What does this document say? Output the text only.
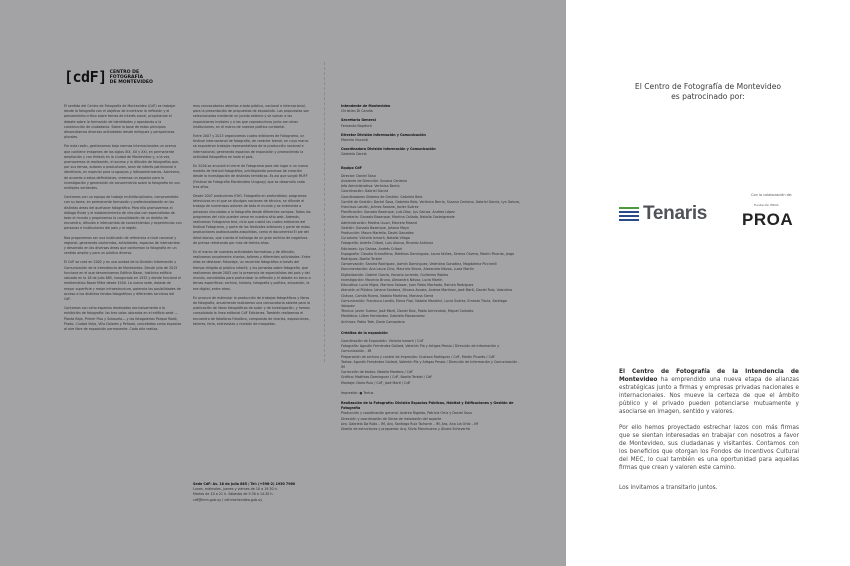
[cdF] CENTRO DE
FOTOGRAFÍA
DE MONTEVIDEO

El sentido del Centro de Fotografía de Montevideo (CdF) es trabajar desde la fotografía con el objetivo de incentivar la reflexión y el pensamiento crítico sobre temas de interés social, propiciando el debate sobre la formación de identidades y apostando a la construcción de ciudadanía. Sobre la base de estos principios desarrollamos diversas actividades desde enfoques y perspectivas plurales.

Por esta razón, gestionamos bajo normas internacionales un acervo que contiene imágenes de los siglos XIX, XX y XXI, en permanente ampliación y con énfasis en la ciudad de Montevideo y, a la vez, promovemos la realización, el acceso y la difusión de fotografías que, por sus temas, autores o productores, sean de interés patrimonial e identitario, en especial para uruguayos y latinoamericanos. Asimismo, de acuerdo a estas definiciones, creamos un espacio para la investigación y generación de conocimiento sobre la fotografía en sus múltiples vertientes.

Contamos con un equipo de trabajo multidisciplinario, comprometido con su tarea, en permanente formación y profesionalización en las distintas áreas del quehacer fotográfico. Para ello promovemos el diálogo fluido y el establecimiento de vínculos con especialistas de todo el mundo y propiciamos la consolidación de un ámbito de encuentro, difusión e intercambio de conocimientos y experiencias con personas e instituciones del país y la región.

Nos proponemos ser una institución de referencia a nivel nacional y regional, generando contenidos, actividades, espacios de intercambio y desarrollo en las diversas áreas que conforman la fotografía en un sentido amplio y para un público diverso.

El CdF se creó en 2002 y es una unidad de la División Información y Comunicación de la Intendencia de Montevideo. Desde julio de 2015 funciona en el que denominamos Edificio Bazar, histórico edificio ubicado en la 18 de Julio 885, inaugurado en 1932 y donde funcionó el emblemático Bazar Mitre desde 1940. La nueva sede, dotada de mayor superficie y mejor infraestructura, potencia las posibilidades de acceso a los distintos fondos fotográficos y diferentes servicios del CdF.

Contamos con ocho espacios destinados exclusivamente a la exhibición de fotografía: las tres salas ubicadas en el edificio sede —Planta Baja, Primer Piso y Subsuelo— y las fotogalerías Parque Rodó, Prado, Ciudad Vieja, Villa Dolores y Peñarol, concebidas como espacios al aire libre de exposición permanente. Cada año realiza-

mos convocatorias abiertas a todo público, nacional e internacional, para la presentación de propuestas de exposición. Las propuestas son seleccionadas mediante un jurado externo y se suman a las exposiciones insitales y a las que coproducimos junto con otras instituciones, en el marco de nuestra política curatorial.

Entre 2007 y 2013 organizamos cuatro ediciones de Fotograma, un festival internacional de fotografía, de carácter bienal, en cuyo marco se expusieron trabajos representativos de la producción nacional e internacional, generando espacios de exposición y promoviendo la actividad fotográfica en todo el país.

En 2016 se anunció el cierre de Fotograma para dar lugar a un nuevo modelo de festival fotográfico, privilegiando procesos de creación desde la investigación de distintas temáticas. Es así que surgió MUFF (Festival de Fotografía Montevideo Uruguay) que se desarrolla cada tres años.

Desde 2007 producimos fOtO. Fotografía en profundidad, programas televisivos en el que se divulgan nociones de técnica, se difunde el trabajo de numerosos autores de todo el mundo y se entrevista a personas vinculadas a la fotografía desde diferentes campos. Todos los programas del ciclo pueden verse en nuestro sitio web. Además, realizamos Fotograma test, ciclo que cubrió las cuatro ediciones del festival Fotograma, y parte de los festivales ediciones y parte de estos producciones audiovisuales adquiridas, como el documental El pie del árbol blanco, que cuenta el hallazgo de un gran archivo de negativos de prensa retratando por más de treinta años.

En el marco de nuestras actividades formativas y de difusión, realizamos anualmente charlas, talleres y diferentes actividades. Entre ellas se destacan Fotoviaje, un recorrido fotográfico a través del tiempo dirigido al público infantil, y los jornadas sobre fotografía, que realizamos desde 2005 con la presencia de especialistas del país y del mundo, concebidas para profundizar la reflexión y el debate en torno a temas específicos: archivo, historia, fotografía y política, educación, la era digital, entre otros.

En procura de estimular la producción de trabajos fotográficos y libros de fotografía, anualmente realizamos una convocatoria abierta para la publicación de libros fotográficos de autor y de investigación, y hemos consolidado la línea editorial CdF Ediciones. También realizamos el encuentro de fotolibros Fotolibro, compuesto de charlas, exposiciones, talleres, feria, entrevistas y revisión de maquetas.

Sede CdF: Av. 18 de Julio 885 / Tel: (+598-2) 1950 7960
Lunes, miércoles, jueves y viernes de 10 a 19.30 h.
Martes de 10 a 21 h. Sábados de 9.30 a 14.30 h.
cdf@imm.gub.uy / cdf.montevideo.gub.uy
Intendente de Montevideo
Christian Di Candia
Secretaria General
Fernando Nopitsch
Director División Información y Comunicación
Marcelo Visconti
Coordinadora División Información y Comunicación
Gabriela García
Equipo CdF
Director: Daniel Sosa
Asistente de Dirección: Susana Centeno
Jefa Administrativa: Verónica Berrío
Coordinación: Gabriel García
Coordinadores Sistema de Gestión: Gabriela Belo
Comité de Gestión: Daniel Sosa, Gabriela Belo, Verónica Berrío, Susana Centeno, Gabriel García, Lys Gainza, Francisco Landín, Johnes Seoane, Javier Suárez
Planificación: Gonzalo Bazerque, Luis Díaz, Lys Gainza, Andrea López
Secretaría: Gonzalo Bazerque, Martina Collada, Natalia Castelgrande
Administración: Martha Lluzzi, Marcelo Maand
Gestión: Gonzalo Bazerque, Johana Mayo
Producción: Mauro Martella, David González
Curaduría: Victoria Ismach, Natalia Vilaga
Fotografía: Andrés Cribari, Luis Alonso, Ricardo Antúnez
Ediciones: Lys Gainza, Andrés Cribari
Espografía: Claudia Schauffeno, Matthias Dominguez, Laura Núñez, Serena Olivera, Martín Picardo, Jorge Rodríguez, Noelia Terbiel
Conservación: Sandra Rodríguez, Jazmín Domínguez, Valentina González, Magdalena Piccinelli
Documentación: Ana Laura Cirio, Mauricio Bruno, Alexandra Nóvoa, Lucía Martín
Digitalización: Gabriel García, Horacio Loriente, Guillermo Robles
Investigación: Mauricio Bruno, Alexandra Nóvoa, Lucía Martín
Educativa: Lucía Migra, Mariano Salazar, Juan Pablo Machado, Ramiro Rodríguez
Atención al Público: Johana Santana, Silvana Acosta, Andrea Martínez, José Martí, Daniel Ruiz, Valentina Chávez, Camila Rivero, Natalia Martínez, Mariana Sierra
Comunicación: Francisco Landín, Elena Firpi, Natalia Mandrini, Lucía Suárez, Ernesto Tiscia, Santiago Vázquez
Técnica: Javier Suárez, José Martí, Daniel Ruiz, Pablo Armúndola, Miguel Carballo
Mediática: Liliám Hernández, Gabriela Manzanarez
Archivos: Pablo Tate, Dario Campolano
Créditos de la exposición
Coordinación de Exposición: Victoria Ismach / CdF
Fotografía: Agustín Fernández Gallard, Valentín Pía y Artigas Pessio / Dirección de Información y Comunicación - IM
Preparación de archivo y control de impresión: Gustavo Rodríguez / CdF, Martín Picardo / CdF
Textos: Agustín Fernández Gallard, Valentín Pía y Artigas Pessio / Dirección de Información y Comunicación - IM
Corrección de textos: Natalia Mardero / CdF
Gráfica: Matthias Domínguez / CdF, Noelia Terbiel / CdF
Montaje: Dario Ruiz / CdF, José Martí / CdF
Impresión: ● Tertus
Realización de la Fotografía: División Espacios Públicos, Hábitat y Edificaciones y Gestión de Fotografía
Producción y coordinación general: Andrea Rigaldo, Patricia Ortiz y Daniel Sosa
Dirección y coordinación de Obras de instalación del soporte
Arq. Gabriela Da Rollo – IM, Arq. Santiago Ruiz Tschorte – IM, Arq. Ana Lía Ortiz – IM
Diseño de estructuras y propuesta: Arq. Silvio Manrisueno y Álvaro Echeverría
El Centro de Fotografía de Montevideo
es patrocinado por:
Tenaris
Con la colaboración de:
Fundación PROA
PROA

El Centro de Fotografía de la Intendencia de Montevideo ha emprendido una nueva etapa de alianzas estratégicas junto a firmas y empresas privadas nacionales e internacionales. Nos mueve la certeza de que el ámbito público y el privado pueden potenciarse mutuamente y asociarse en imagen, sentido y valores.

Por ello hemos proyectado estrechar lazos con más firmas que se sientan interesadas en trabajar con nosotros a favor de Montevideo, sus ciudadanas y visitantes. Contamos con los beneficios que otorgan los Fondos de Incentivos Cultural del MEC, lo cual también es una oportunidad para aquellas firmas que crean y valoren este camino.

Los invitamos a transitarlo juntos.
